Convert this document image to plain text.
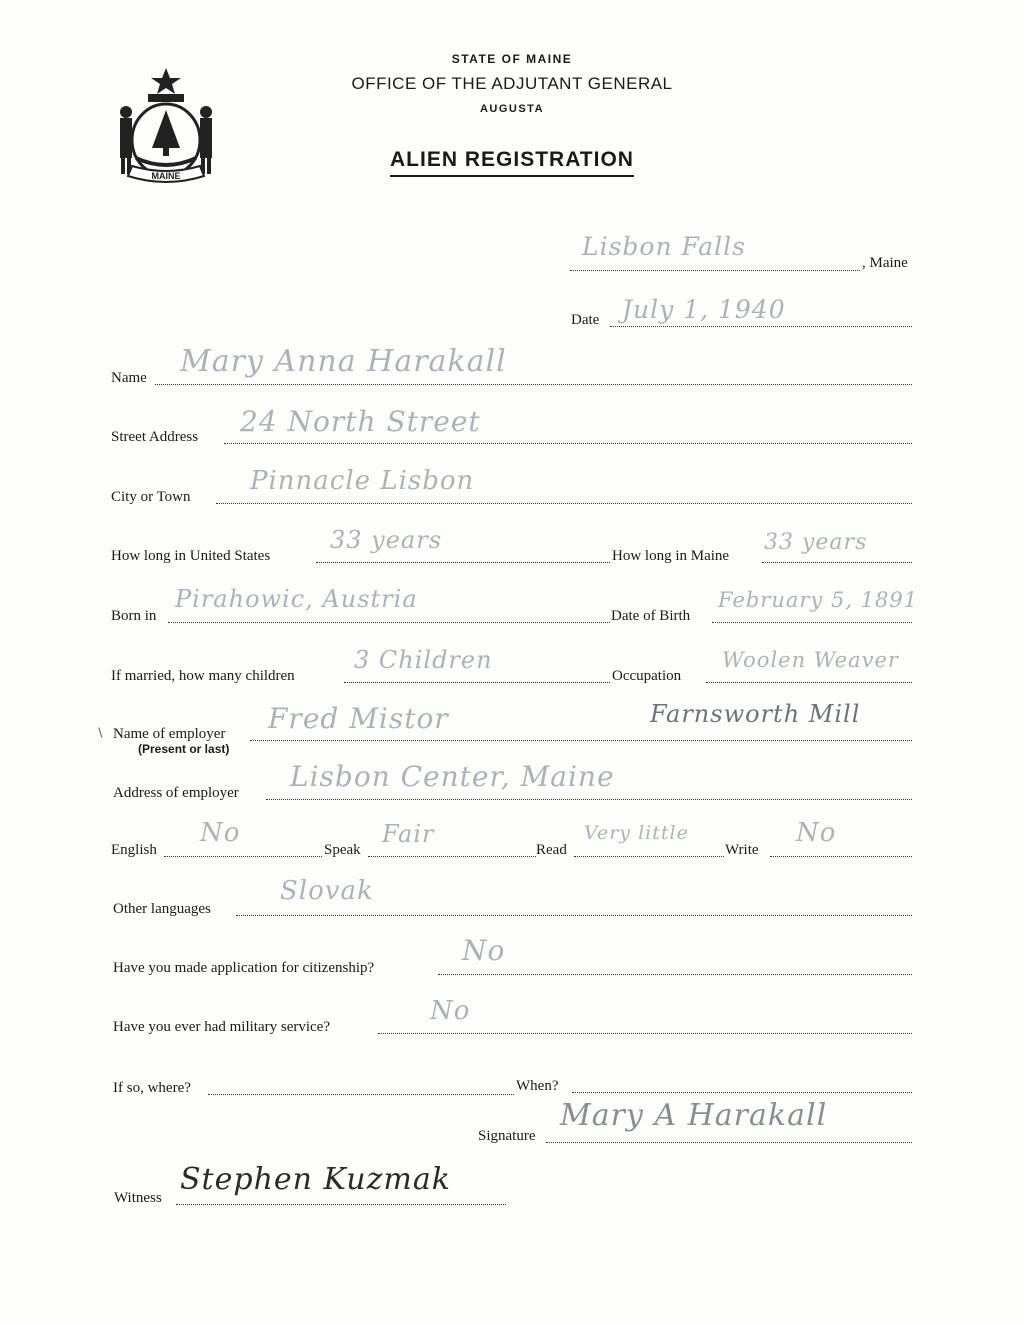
MAINE
STATE OF MAINE
OFFICE OF THE ADJUTANT GENERAL
AUGUSTA
ALIEN REGISTRATION
Lisbon Falls
, Maine
Date July 1, 1940
Name Mary Anna Harakall
Street Address 24 North Street
City or Town
Pinnacle Lisbon
How long in United States
33 years
How long in Maine
33 years
Born in
Pirahowic, Austria
Date of Birth
February 5, 1891
If married, how many children
3 Children
Occupation
Woolen Weaver
∖ Name of employer
(Present or last)
Fred Mistor	Farnsworth Mill
Address of employer Lisbon Center, Maine
English
No
Speak
Fair
Read
Very little
Write
No
Other languages
Slovak
Have you made application for citizenship?
No
Have you ever had military service?
No
If so, where?	When?
Signature
Mary A Harakall
Witness
Stephen Kuzmak
